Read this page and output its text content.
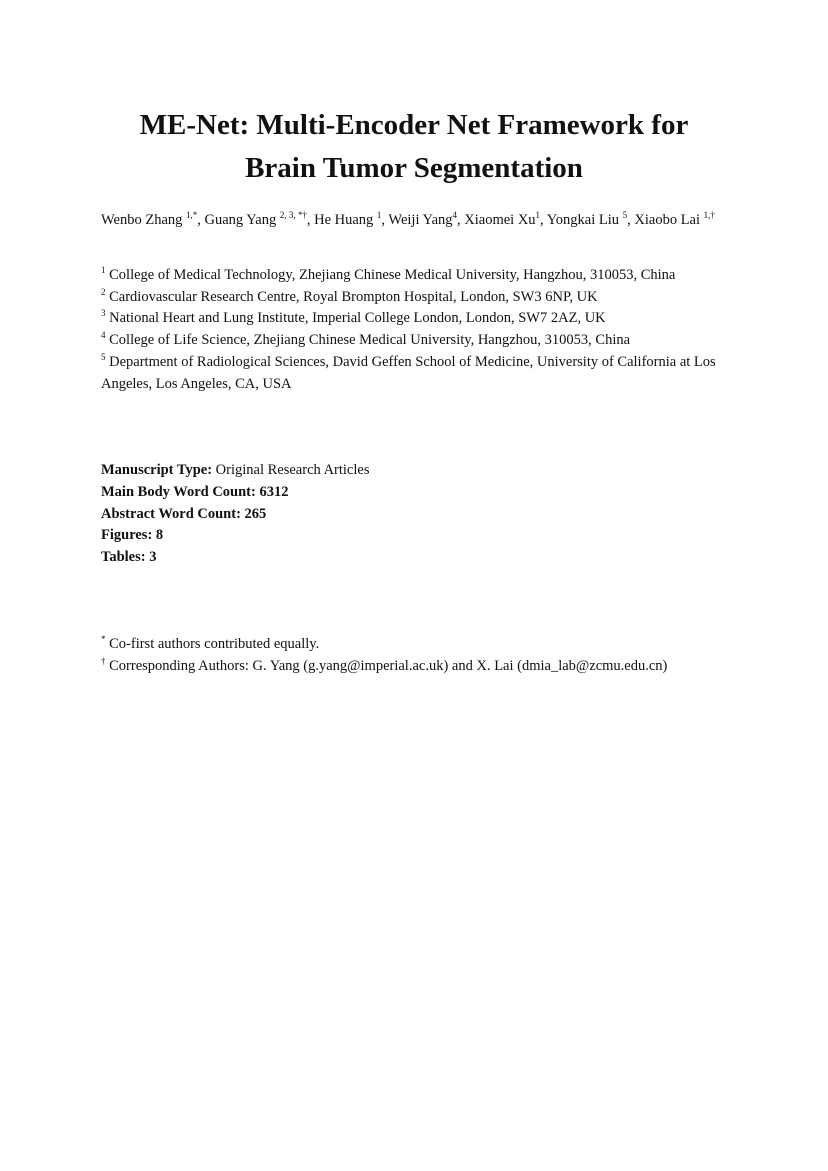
ME-Net: Multi-Encoder Net Framework for
Brain Tumor Segmentation
Wenbo Zhang $^{1,*}$, Guang Yang $^{2, 3, *\dagger}$, He Huang $^1$, Weiji Yang$^4$, Xiaomei Xu$^1$, Yongkai Liu $^5$, Xiaobo Lai $^{1,\dagger}$
$^1$ College of Medical Technology, Zhejiang Chinese Medical University, Hangzhou, 310053, China
$^2$ Cardiovascular Research Centre, Royal Brompton Hospital, London, SW3 6NP, UK
$^3$ National Heart and Lung Institute, Imperial College London, London, SW7 2AZ, UK
$^4$ College of Life Science, Zhejiang Chinese Medical University, Hangzhou, 310053, China
$^5$ Department of Radiological Sciences, David Geffen School of Medicine, University of California at Los Angeles, Los Angeles, CA, USA
Manuscript Type: Original Research Articles
Main Body Word Count: 6312
Abstract Word Count: 265
Figures: 8
Tables: 3
* Co-first authors contributed equally.
† Corresponding Authors: G. Yang (g.yang@imperial.ac.uk) and X. Lai (dmia_lab@zcmu.edu.cn)
